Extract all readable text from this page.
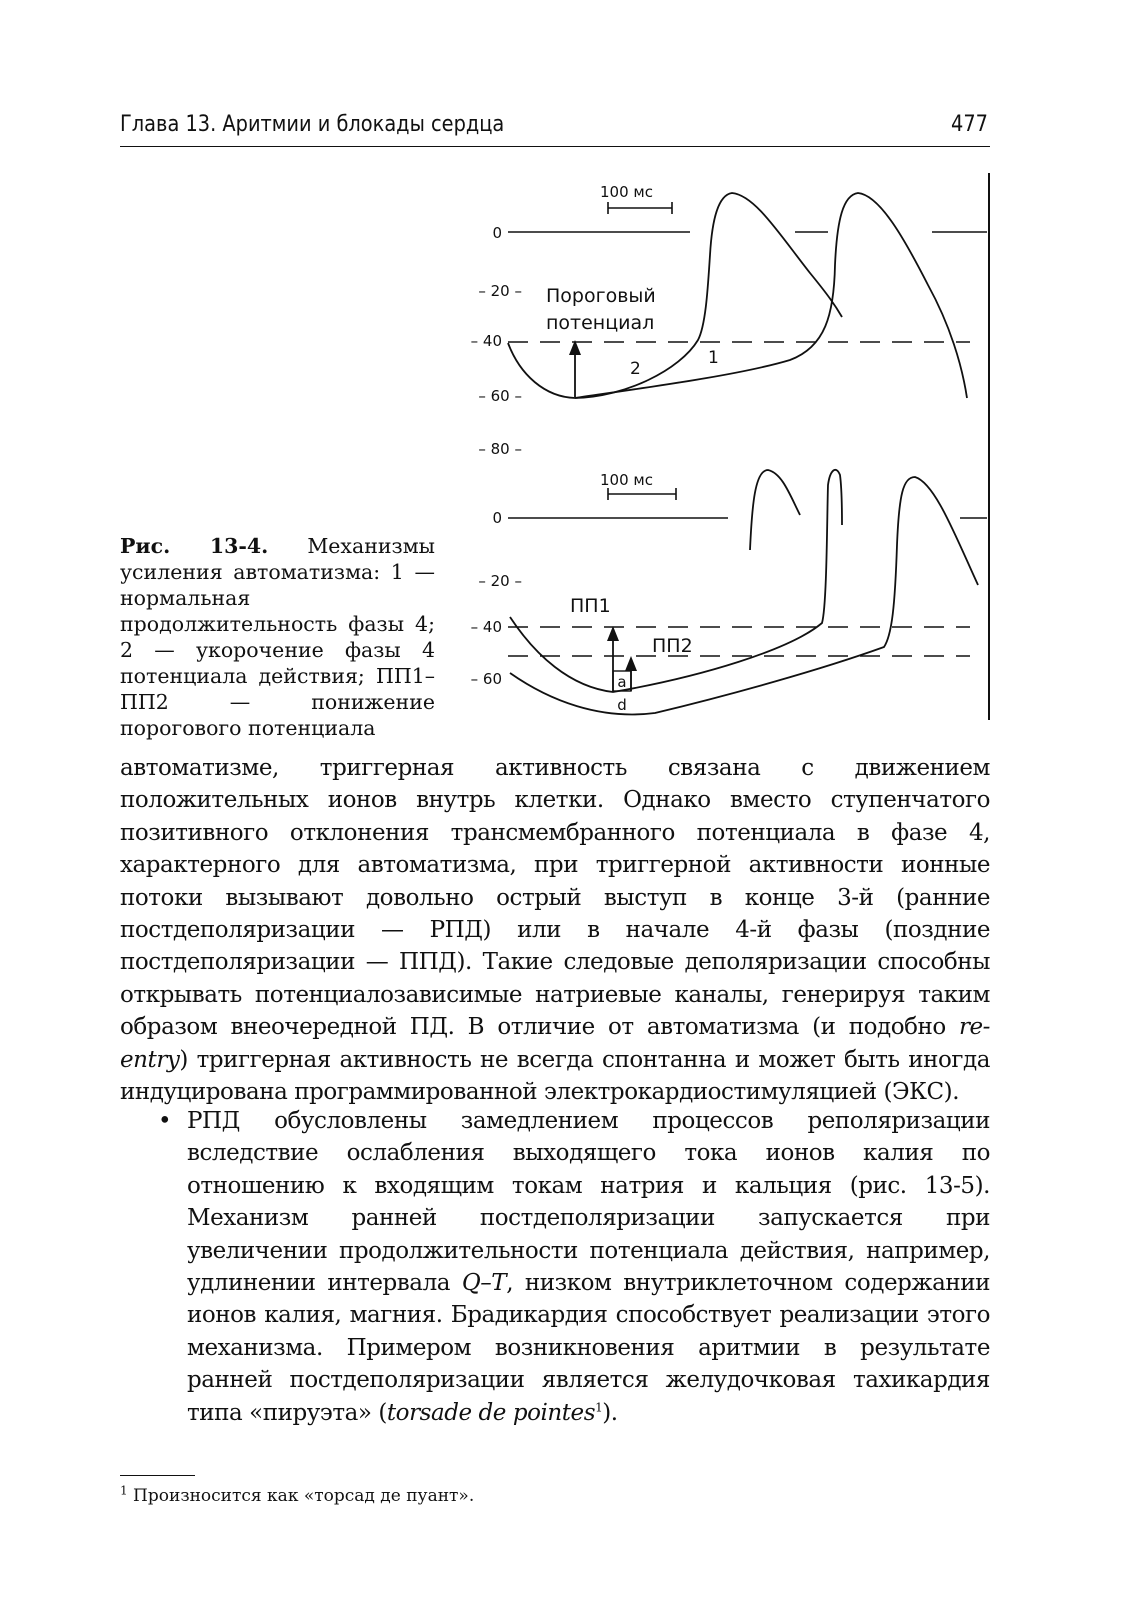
Глава 13. Аритмии и блокады сердца	477
100 мс
0
– 20 –
– 40
– 60 –
– 80 –
Пороговый
потенциал
2
1
100 мс
0
– 20 –
– 40
– 60
ПП1
ПП2
a
d
Рис. 13-4. Механизмы усиления автоматизма: 1 — нормальная продолжительность фазы 4; 2 — укорочение фазы 4 потенциала действия; ПП1–ПП2 — понижение порогового потенциала

автоматизме, триггерная активность связана с движением положительных ионов внутрь клетки. Однако вместо ступенчатого позитивного отклонения трансмембранного потенциала в фазе 4, характерного для автоматизма, при триггерной активности ионные потоки вызывают довольно острый выступ в конце 3-й (ранние постдеполяризации — РПД) или в начале 4-й фазы (поздние постдеполяризации — ППД). Такие следовые деполяризации способны открывать потенциалозависимые натриевые каналы, генерируя таким образом внеочередной ПД. В отличие от автоматизма (и подобно re-entry) триггерная активность не всегда спонтанна и может быть иногда индуцирована программированной электрокардиостимуляцией (ЭКС).

• РПД обусловлены замедлением процессов реполяризации вследствие ослабления выходящего тока ионов калия по отношению к входящим токам натрия и кальция (рис. 13-5). Механизм ранней постдеполяризации запускается при увеличении продолжительности потенциала действия, например, удлинении интервала Q–T, низком внутриклеточном содержании ионов калия, магния. Брадикардия способствует реализации этого механизма. Примером возникновения аритмии в результате ранней постдеполяризации является желудочковая тахикардия типа «пируэта» (torsade de pointes$^1$).
$^1$ Произносится как «торсад де пуант».
